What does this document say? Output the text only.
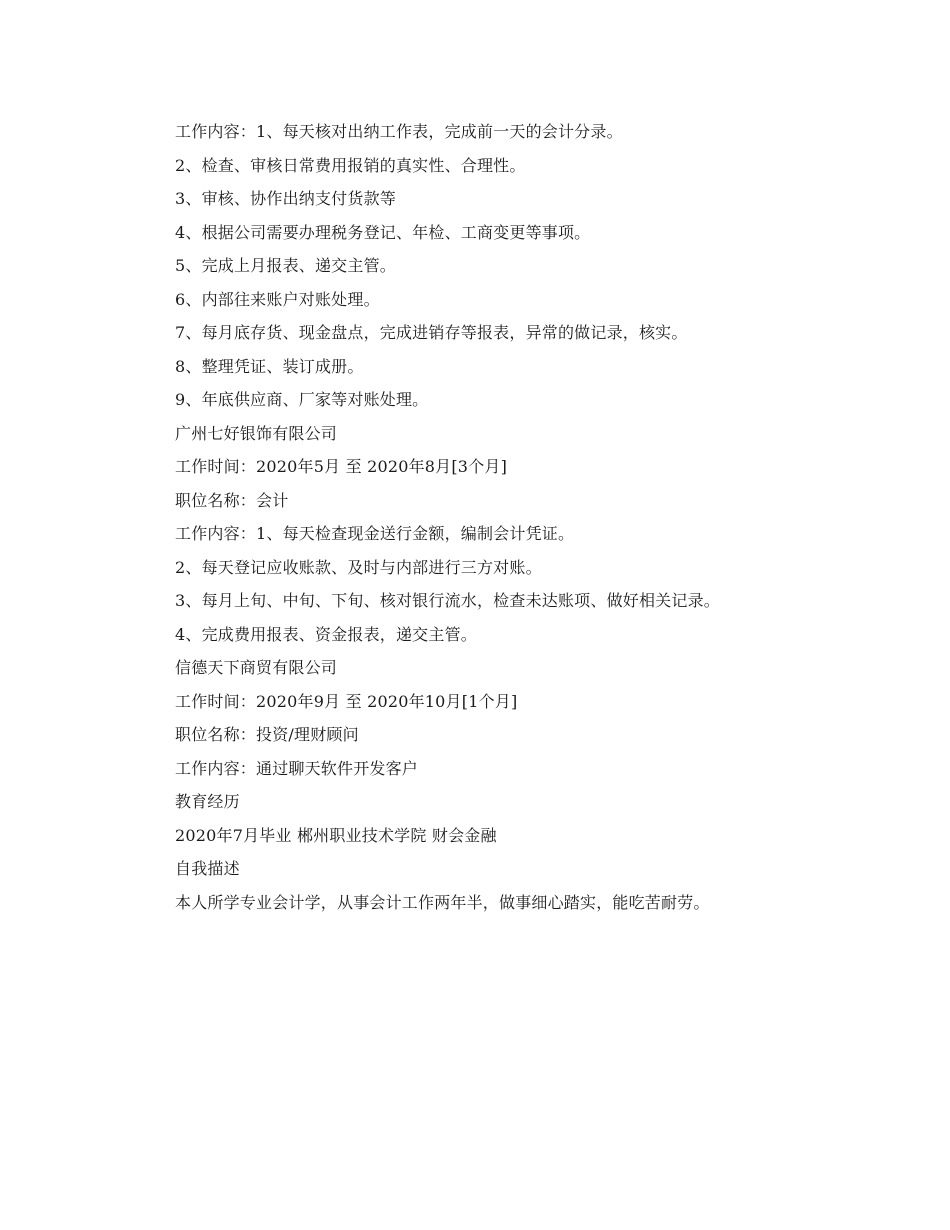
工作内容：1、每天核对出纳工作表，完成前一天的会计分录。
2、检查、审核日常费用报销的真实性、合理性。
3、审核、协作出纳支付货款等
4、根据公司需要办理税务登记、年检、工商变更等事项。
5、完成上月报表、递交主管。
6、内部往来账户对账处理。
7、每月底存货、现金盘点，完成进销存等报表，异常的做记录，核实。
8、整理凭证、装订成册。
9、年底供应商、厂家等对账处理。
广州七好银饰有限公司
工作时间：2020年5月 至 2020年8月[3个月]
职位名称：会计
工作内容：1、每天检查现金送行金额，编制会计凭证。
2、每天登记应收账款、及时与内部进行三方对账。
3、每月上旬、中旬、下旬、核对银行流水，检查未达账项、做好相关记录。
4、完成费用报表、资金报表，递交主管。
信德天下商贸有限公司
工作时间：2020年9月 至 2020年10月[1个月]
职位名称：投资/理财顾问
工作内容：通过聊天软件开发客户
教育经历
2020年7月毕业 郴州职业技术学院 财会金融
自我描述
本人所学专业会计学，从事会计工作两年半，做事细心踏实，能吃苦耐劳。
